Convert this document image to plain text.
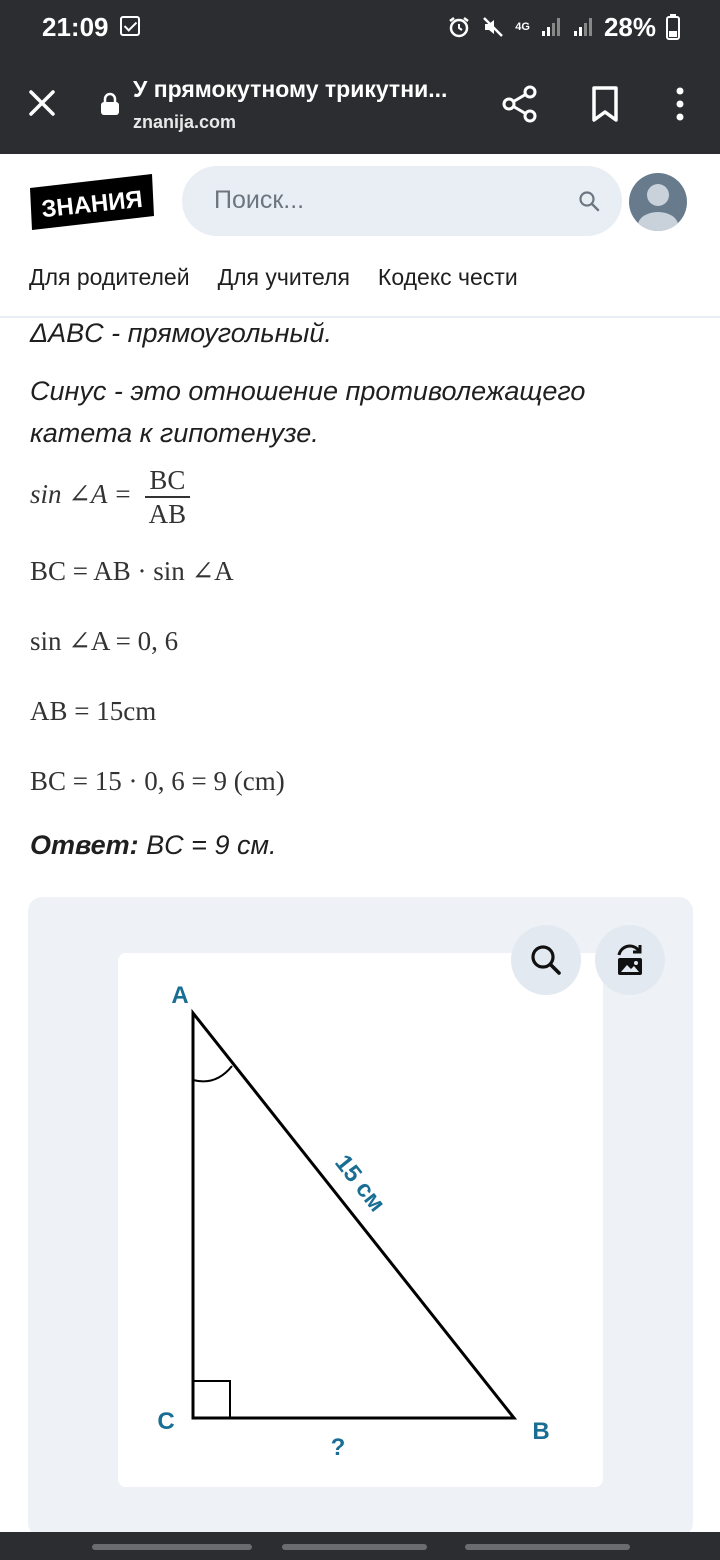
21:09	4G	28%
У прямокутному трикутни...
znanija.com
ЗНАНИЯ	Поиск...
Для родителей Для учителя Кодекс чести
ΔABC - прямоугольный.
Синус - это отношение противолежащего катета к гипотенузе.
sin ∠A = $\frac{BC}{AB}$
BC = AB · sin ∠A
sin ∠A = 0, 6
AB = 15cm
BC = 15 · 0, 6 = 9 (cm)
Ответ: BC = 9 см.
A
C	B
?
15 см
